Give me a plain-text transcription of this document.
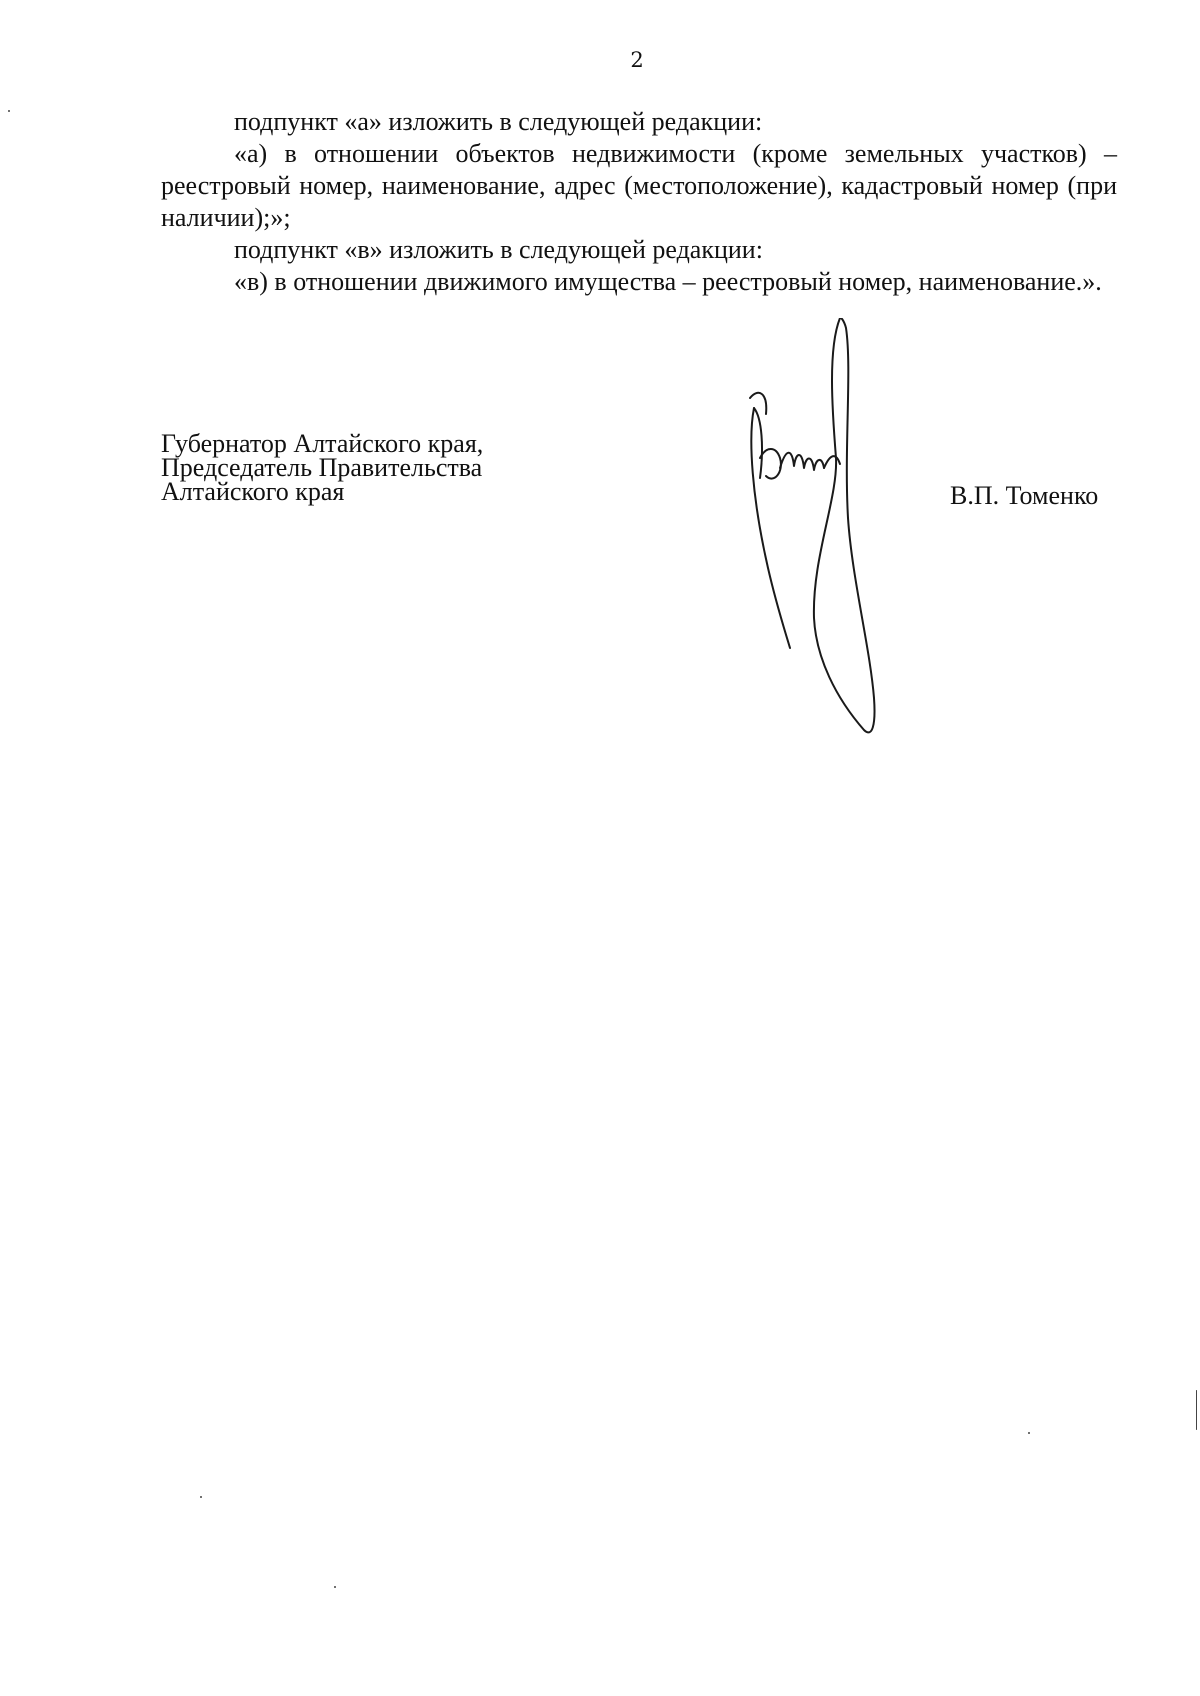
2

подпункт «а» изложить в следующей редакции:

«а) в отношении объектов недвижимости (кроме земельных участков) – реестровый номер, наименование, адрес (местоположение), кадастровый номер (при наличии);»;

подпункт «в» изложить в следующей редакции:

«в) в отношении движимого имущества – реестровый номер, наименование.».

Губернатор Алтайского края,
Председатель Правительства
Алтайского края	В.П. Томенко
